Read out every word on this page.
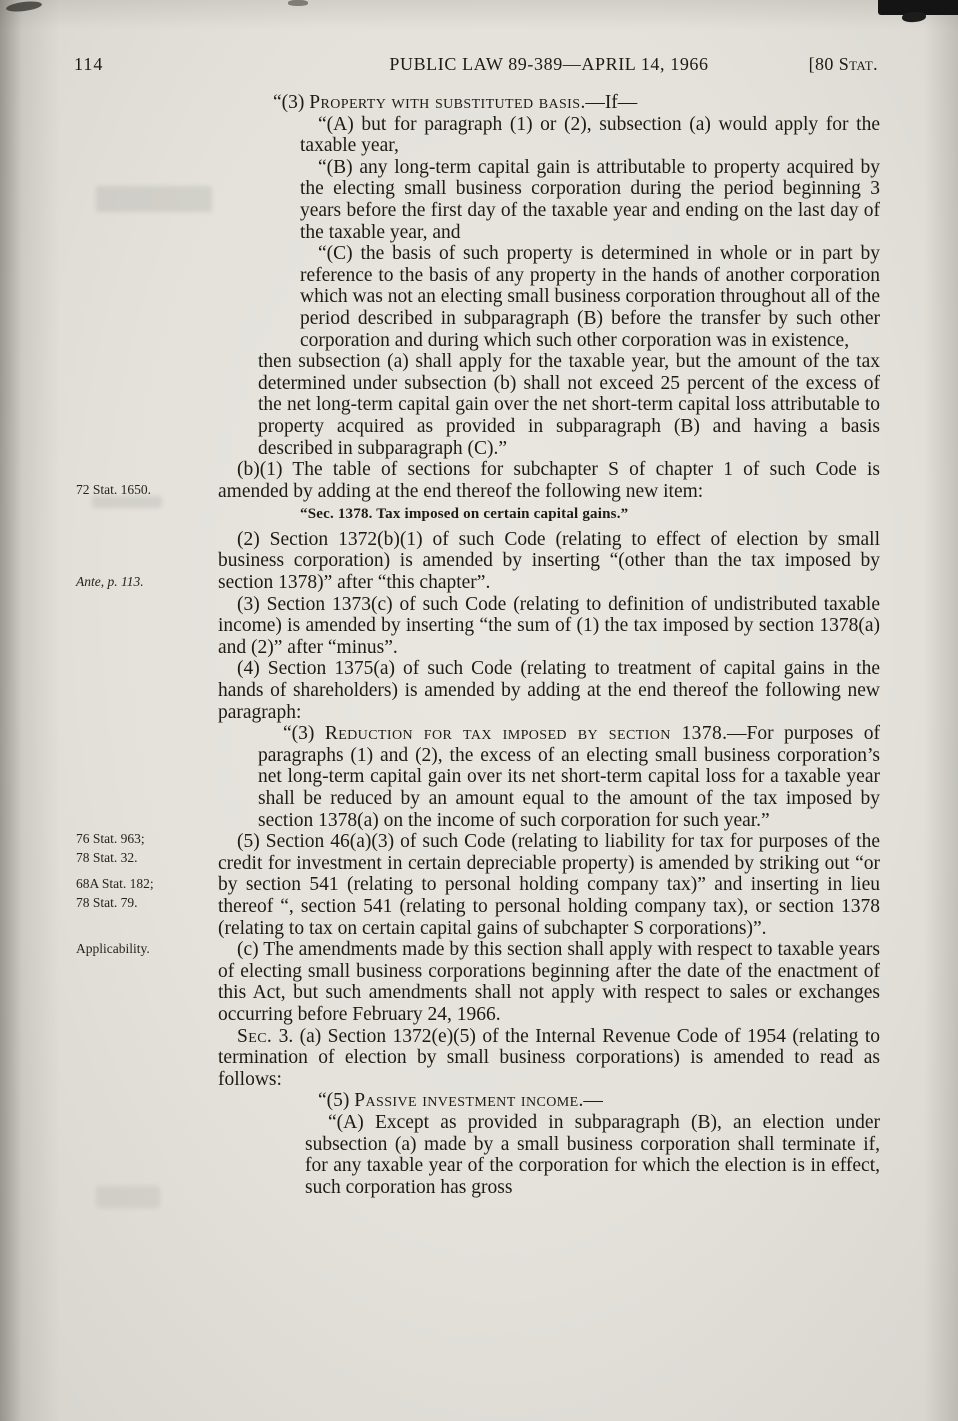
114	PUBLIC LAW 89-389—APRIL 14, 1966	[80 Stat.

“(3) Property with substituted basis.—If—

“(A) but for paragraph (1) or (2), subsection (a) would apply for the taxable year,

“(B) any long-term capital gain is attributable to property acquired by the electing small business corporation during the period beginning 3 years before the first day of the taxable year and ending on the last day of the taxable year, and

“(C) the basis of such property is determined in whole or in part by reference to the basis of any property in the hands of another corporation which was not an electing small business corporation throughout all of the period described in subparagraph (B) before the transfer by such other corporation and during which such other corporation was in existence,

then subsection (a) shall apply for the taxable year, but the amount of the tax determined under subsection (b) shall not exceed 25 percent of the excess of the net long-term capital gain over the net short-term capital loss attributable to property acquired as provided in subparagraph (B) and having a basis described in subparagraph (C).”

(b)(1) The table of sections for subchapter S of chapter 1 of such Code is amended by adding at the end thereof the following new item:

“Sec. 1378. Tax imposed on certain capital gains.”

(2) Section 1372(b)(1) of such Code (relating to effect of election by small business corporation) is amended by inserting “(other than the tax imposed by section 1378)” after “this chapter”.

(3) Section 1373(c) of such Code (relating to definition of undistributed taxable income) is amended by inserting “the sum of (1) the tax imposed by section 1378(a) and (2)” after “minus”.

(4) Section 1375(a) of such Code (relating to treatment of capital gains in the hands of shareholders) is amended by adding at the end thereof the following new paragraph:

“(3) Reduction for tax imposed by section 1378.—For purposes of paragraphs (1) and (2), the excess of an electing small business corporation’s net long-term capital gain over its net short-term capital loss for a taxable year shall be reduced by an amount equal to the amount of the tax imposed by section 1378(a) on the income of such corporation for such year.”

(5) Section 46(a)(3) of such Code (relating to liability for tax for purposes of the credit for investment in certain depreciable property) is amended by striking out “or by section 541 (relating to personal holding company tax)” and inserting in lieu thereof “, section 541 (relating to personal holding company tax), or section 1378 (relating to tax on certain capital gains of subchapter S corporations)”.

(c) The amendments made by this section shall apply with respect to taxable years of electing small business corporations beginning after the date of the enactment of this Act, but such amendments shall not apply with respect to sales or exchanges occurring before February 24, 1966.

Sec. 3. (a) Section 1372(e)(5) of the Internal Revenue Code of 1954 (relating to termination of election by small business corporations) is amended to read as follows:

“(5) Passive investment income.—

“(A) Except as provided in subparagraph (B), an election under subsection (a) made by a small business corporation shall terminate if, for any taxable year of the corporation for which the election is in effect, such corporation has gross

72 Stat. 1650.
Ante, p. 113.
76 Stat. 963;
78 Stat. 32.
68A Stat. 182;
78 Stat. 79.
Applicability.
